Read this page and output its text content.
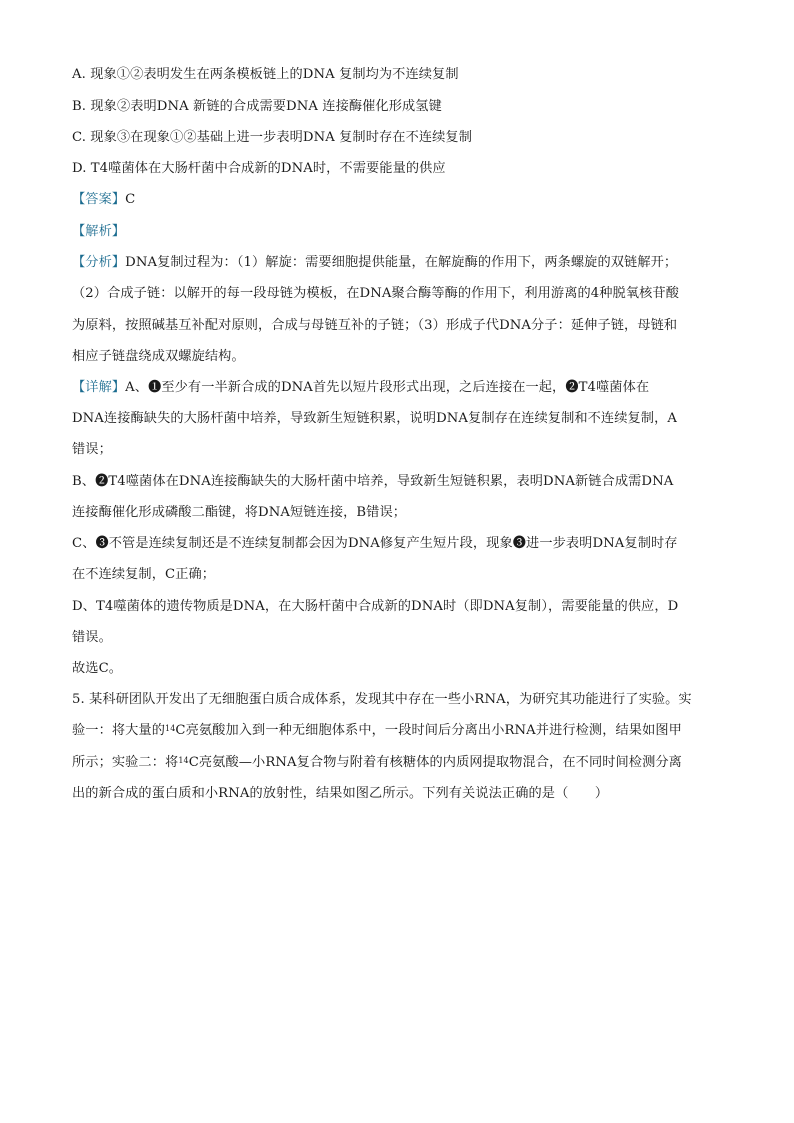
A. 现象①②表明发生在两条模板链上的DNA 复制均为不连续复制
B. 现象②表明DNA 新链的合成需要DNA 连接酶催化形成氢键
C. 现象③在现象①②基础上进一步表明DNA 复制时存在不连续复制
D. T4噬菌体在大肠杆菌中合成新的DNA时，不需要能量的供应
【答案】C
【解析】
【分析】DNA复制过程为：（1）解旋：需要细胞提供能量，在解旋酶的作用下，两条螺旋的双链解开；
（2）合成子链：以解开的每一段母链为模板，在DNA聚合酶等酶的作用下，利用游离的4种脱氧核苷酸
为原料，按照碱基互补配对原则，合成与母链互补的子链；（3）形成子代DNA分子：延伸子链，母链和
相应子链盘绕成双螺旋结构。
【详解】A、❶至少有一半新合成的DNA首先以短片段形式出现，之后连接在一起，❷T4噬菌体在
DNA连接酶缺失的大肠杆菌中培养，导致新生短链积累，说明DNA复制存在连续复制和不连续复制，A
错误；
B、❷T4噬菌体在DNA连接酶缺失的大肠杆菌中培养，导致新生短链积累，表明DNA新链合成需DNA
连接酶催化形成磷酸二酯键，将DNA短链连接，B错误；
C、❸不管是连续复制还是不连续复制都会因为DNA修复产生短片段，现象❸进一步表明DNA复制时存
在不连续复制，C正确；
D、T4噬菌体的遗传物质是DNA，在大肠杆菌中合成新的DNA时（即DNA复制），需要能量的供应，D
错误。
故选C。
5. 某科研团队开发出了无细胞蛋白质合成体系，发现其中存在一些小RNA，为研究其功能进行了实验。实
验一：将大量的$^{14}$C亮氨酸加入到一种无细胞体系中，一段时间后分离出小RNA并进行检测，结果如图甲
所示；实验二：将$^{14}$C亮氨酸—小RNA复合物与附着有核糖体的内质网提取物混合，在不同时间检测分离
出的新合成的蛋白质和小RNA的放射性，结果如图乙所示。下列有关说法正确的是（　　）
